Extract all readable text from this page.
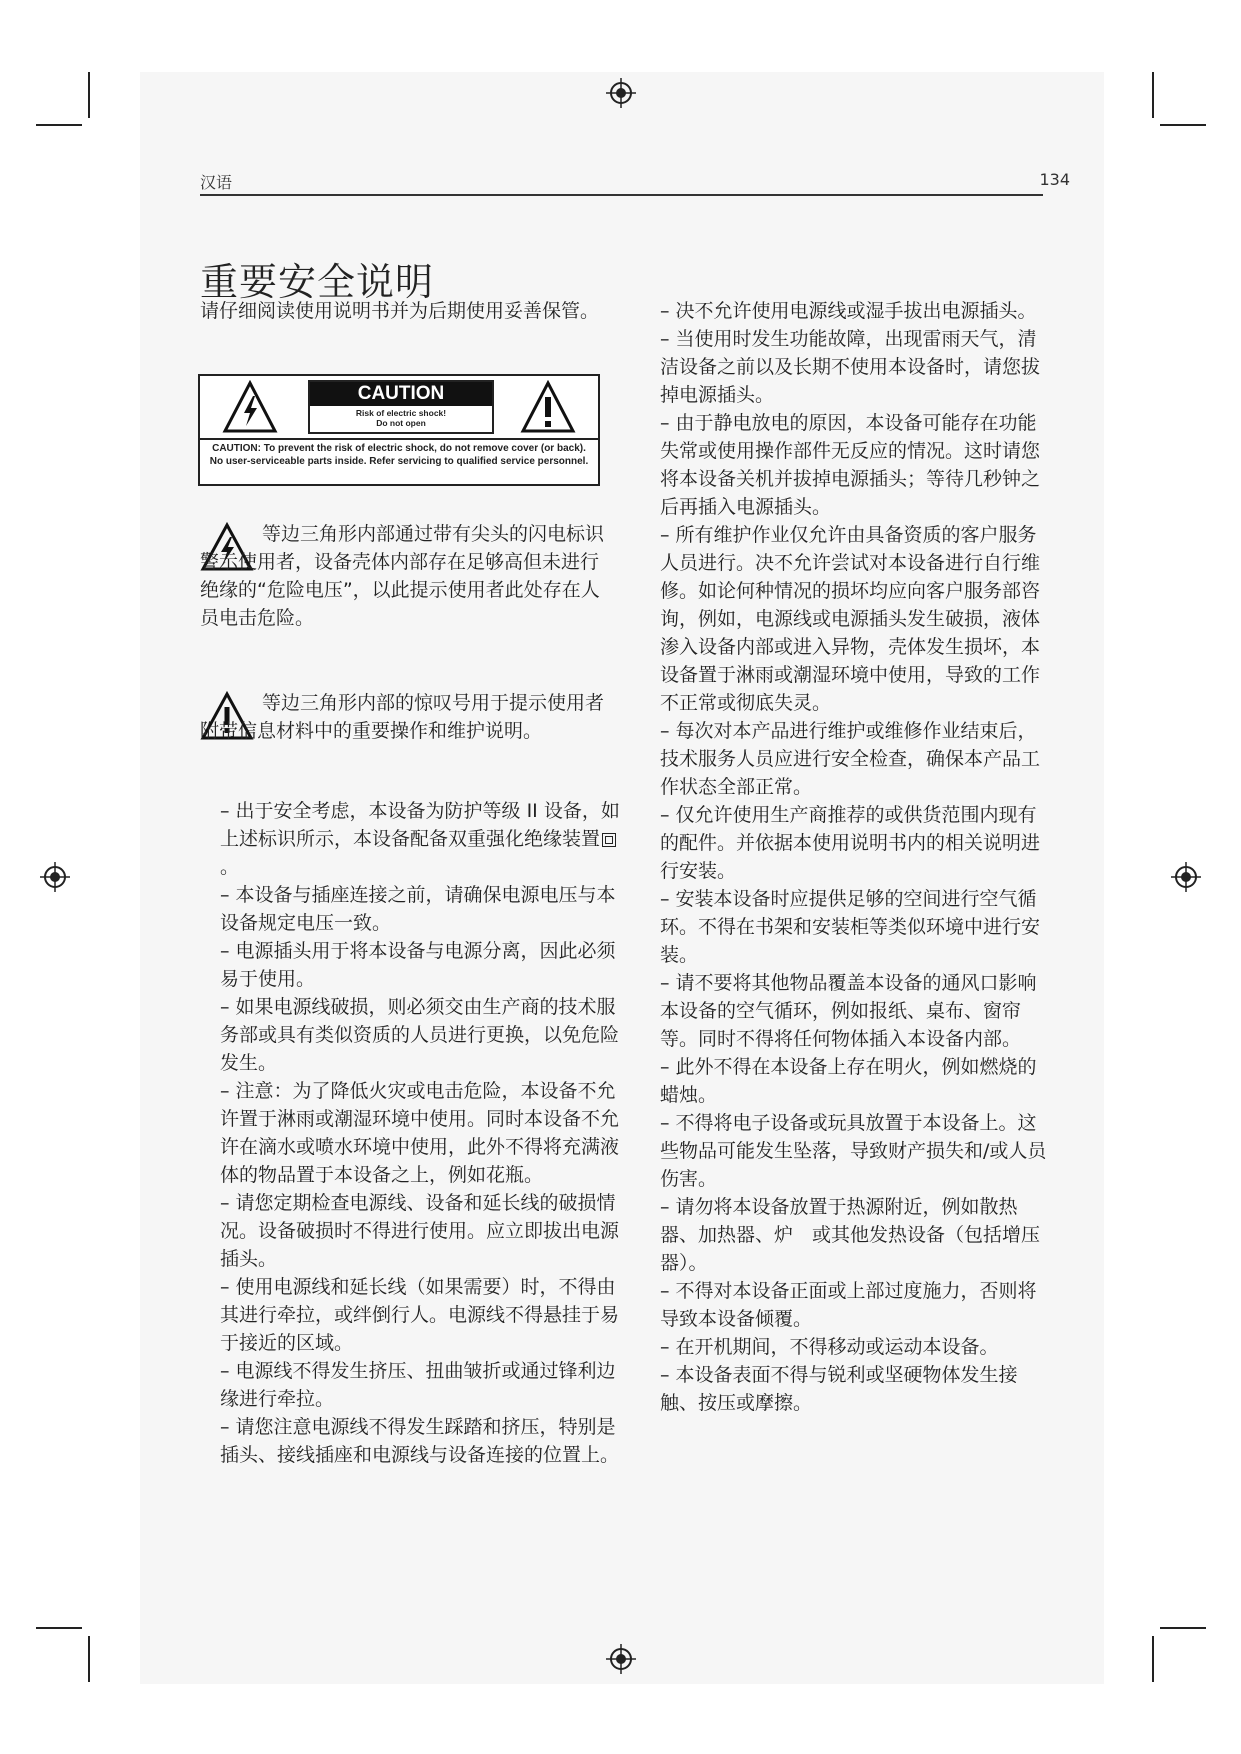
汉语	134
重要安全说明
请仔细阅读使用说明书并为后期使用妥善保管。
CAUTION
Risk of electric shock!
Do not open
CAUTION: To prevent the risk of electric shock, do not remove cover (or back). No user-serviceable parts inside. Refer servicing to qualified service personnel.
等边三角形内部通过带有尖头的闪电标识警示使用者，设备壳体内部存在足够高但未进行绝缘的“危险电压”，以此提示使用者此处存在人员电击危险。
等边三角形内部的惊叹号用于提示使用者附带信息材料中的重要操作和维护说明。

– 出于安全考虑，本设备为防护等级 II 设备，如上述标识所示，本设备配备双重强化绝缘装置。

– 本设备与插座连接之前，请确保电源电压与本设备规定电压一致。

– 电源插头用于将本设备与电源分离，因此必须易于使用。

– 如果电源线破损，则必须交由生产商的技术服务部或具有类似资质的人员进行更换，以免危险发生。

– 注意：为了降低火灾或电击危险，本设备不允许置于淋雨或潮湿环境中使用。同时本设备不允许在滴水或喷水环境中使用，此外不得将充满液体的物品置于本设备之上，例如花瓶。

– 请您定期检查电源线、设备和延长线的破损情况。设备破损时不得进行使用。应立即拔出电源插头。

– 使用电源线和延长线（如果需要）时，不得由其进行牵拉，或绊倒行人。电源线不得悬挂于易于接近的区域。

– 电源线不得发生挤压、扭曲皱折或通过锋利边缘进行牵拉。

– 请您注意电源线不得发生踩踏和挤压，特别是插头、接线插座和电源线与设备连接的位置上。

– 决不允许使用电源线或湿手拔出电源插头。

– 当使用时发生功能故障，出现雷雨天气，清洁设备之前以及长期不使用本设备时，请您拔掉电源插头。

– 由于静电放电的原因，本设备可能存在功能失常或使用操作部件无反应的情况。这时请您将本设备关机并拔掉电源插头；等待几秒钟之后再插入电源插头。

– 所有维护作业仅允许由具备资质的客户服务人员进行。决不允许尝试对本设备进行自行维修。如论何种情况的损坏均应向客户服务部咨询，例如，电源线或电源插头发生破损，液体渗入设备内部或进入异物，壳体发生损坏，本设备置于淋雨或潮湿环境中使用，导致的工作不正常或彻底失灵。

– 每次对本产品进行维护或维修作业结束后，技术服务人员应进行安全检查，确保本产品工作状态全部正常。

– 仅允许使用生产商推荐的或供货范围内现有的配件。并依据本使用说明书内的相关说明进行安装。

– 安装本设备时应提供足够的空间进行空气循环。不得在书架和安装柜等类似环境中进行安装。

– 请不要将其他物品覆盖本设备的通风口影响本设备的空气循环，例如报纸、桌布、窗帘等。同时不得将任何物体插入本设备内部。

– 此外不得在本设备上存在明火，例如燃烧的蜡烛。

– 不得将电子设备或玩具放置于本设备上。这些物品可能发生坠落，导致财产损失和/或人员伤害。

– 请勿将本设备放置于热源附近，例如散热器、加热器、炉　或其他发热设备（包括增压器）。

– 不得对本设备正面或上部过度施力，否则将导致本设备倾覆。

– 在开机期间，不得移动或运动本设备。

– 本设备表面不得与锐利或坚硬物体发生接触、按压或摩擦。
